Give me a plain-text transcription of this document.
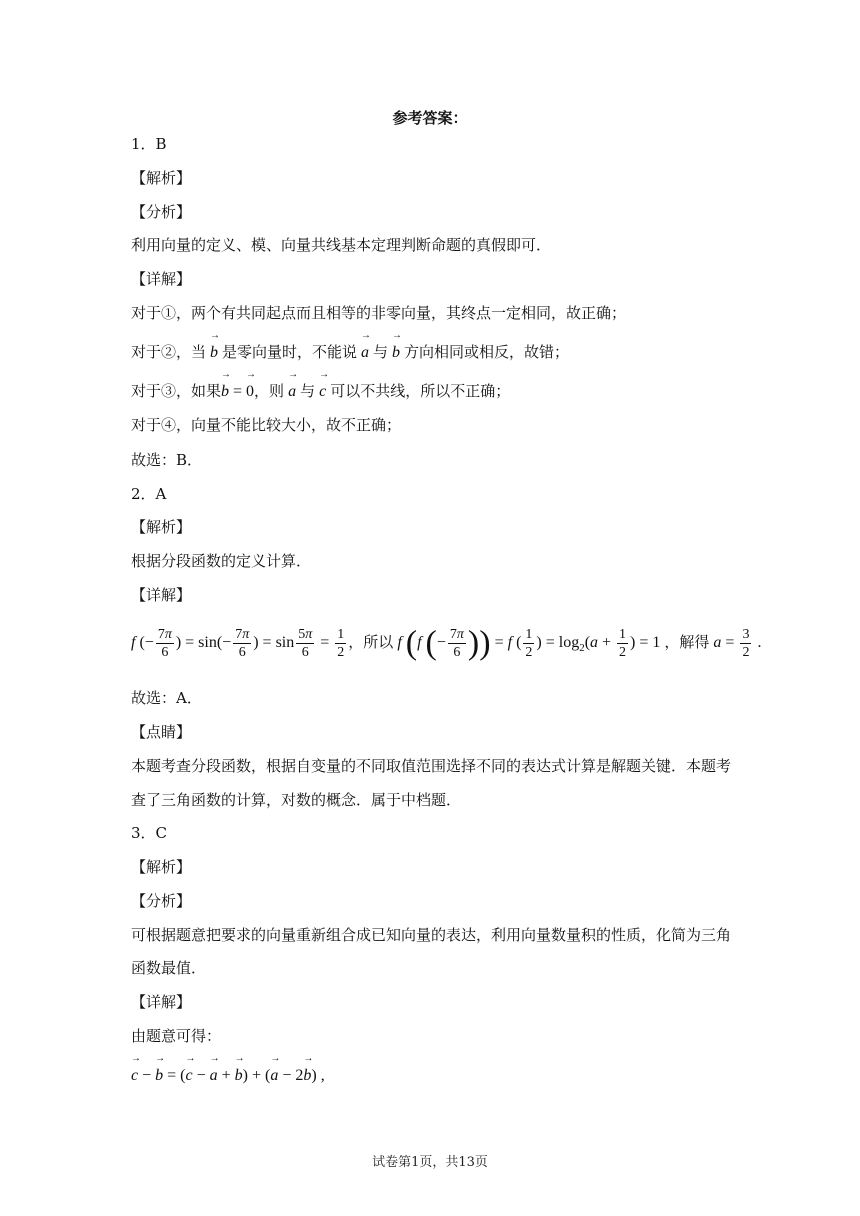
参考答案：
1．B
【解析】
【分析】
利用向量的定义、模、向量共线基本定理判断命题的真假即可．
【详解】
对于①，两个有共同起点而且相等的非零向量，其终点一定相同，故正确；
对于②，当 → b 是零向量时，不能说 → a 与 → b 方向相同或相反，故错；
对于③，如果→ b = → 0，则 → a 与 → c 可以不共线，所以不正确；
对于④，向量不能比较大小，故不正确；
故选：B．
2．A
【解析】
根据分段函数的定义计算．
【详解】
f (− $\frac{7\pi}{6}$ ) = $\sin(- \frac{7\pi}{6}$ ) = $\sin \frac{5\pi}{6} = \frac{1}{2}$ ，所以 f (f (− $\frac{7\pi}{6}$ )) = f ( $\frac{1}{2}$ ) = $\log_2(a + \frac{1}{2}$ ) = 1 ，解得 $a = \frac{3}{2}$ .
故选：A．
【点睛】
本题考查分段函数，根据自变量的不同取值范围选择不同的表达式计算是解题关键．本题考
查了三角函数的计算，对数的概念．属于中档题．
3．C
【解析】
【分析】
可根据题意把要求的向量重新组合成已知向量的表达，利用向量数量积的性质，化简为三角
函数最值．
【详解】
由题意可得：
→ c − → b = (→ c − → a + → b) + (→ a − 2→ b) ,
试卷第1页，共13页
